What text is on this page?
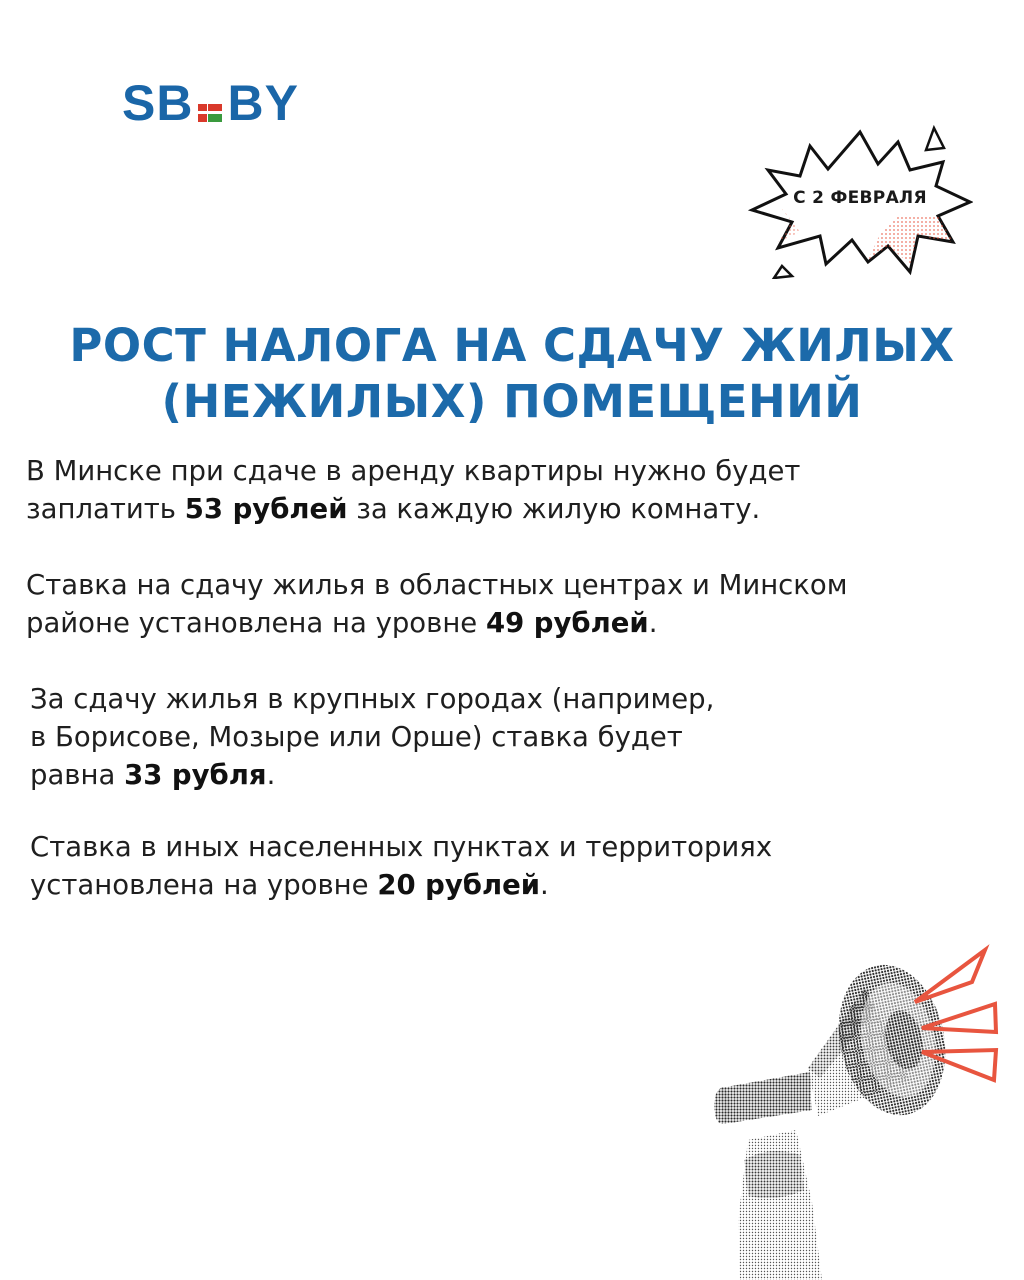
SB BY
С 2 ФЕВРАЛЯ
РОСТ НАЛОГА НА СДАЧУ ЖИЛЫХ
(НЕЖИЛЫХ) ПОМЕЩЕНИЙ

В Минске при сдаче в аренду квартиры нужно будет
заплатить 53 рублей за каждую жилую комнату.

Ставка на сдачу жилья в областных центрах и Минском
районе установлена на уровне 49 рублей.

За сдачу жилья в крупных городах (например,
в Борисове, Мозыре или Орше) ставка будет
равна 33 рубля.

Ставка в иных населенных пунктах и территориях
установлена на уровне 20 рублей.
